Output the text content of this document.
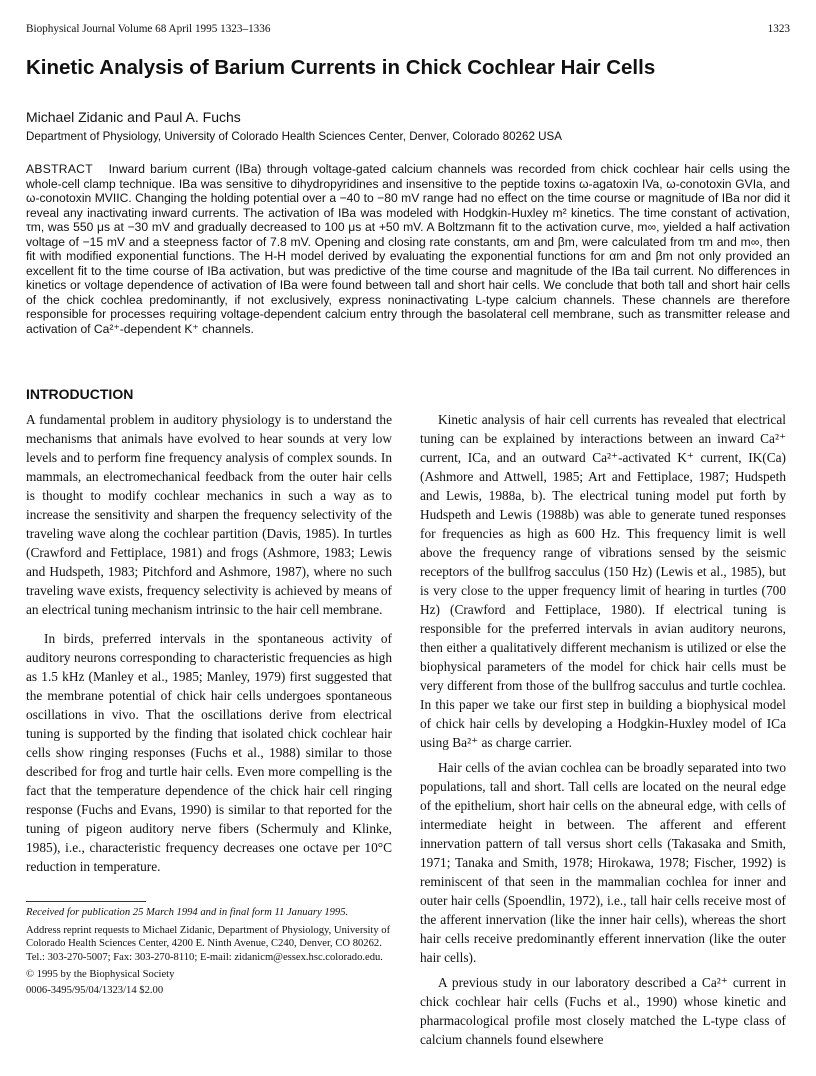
Biophysical Journal Volume 68 April 1995 1323–1336	1323
Kinetic Analysis of Barium Currents in Chick Cochlear Hair Cells
Michael Zidanic and Paul A. Fuchs
Department of Physiology, University of Colorado Health Sciences Center, Denver, Colorado 80262 USA

ABSTRACT Inward barium current (IBa) through voltage-gated calcium channels was recorded from chick cochlear hair cells using the whole-cell clamp technique. IBa was sensitive to dihydropyridines and insensitive to the peptide toxins ω-agatoxin IVa, ω-conotoxin GVIa, and ω-conotoxin MVIIC. Changing the holding potential over a −40 to −80 mV range had no effect on the time course or magnitude of IBa nor did it reveal any inactivating inward currents. The activation of IBa was modeled with Hodgkin-Huxley m² kinetics. The time constant of activation, τm, was 550 μs at −30 mV and gradually decreased to 100 μs at +50 mV. A Boltzmann fit to the activation curve, m∞, yielded a half activation voltage of −15 mV and a steepness factor of 7.8 mV. Opening and closing rate constants, αm and βm, were calculated from τm and m∞, then fit with modified exponential functions. The H-H model derived by evaluating the exponential functions for αm and βm not only provided an excellent fit to the time course of IBa activation, but was predictive of the time course and magnitude of the IBa tail current. No differences in kinetics or voltage dependence of activation of IBa were found between tall and short hair cells. We conclude that both tall and short hair cells of the chick cochlea predominantly, if not exclusively, express noninactivating L-type calcium channels. These channels are therefore responsible for processes requiring voltage-dependent calcium entry through the basolateral cell membrane, such as transmitter release and activation of Ca²⁺-dependent K⁺ channels.

INTRODUCTION

A fundamental problem in auditory physiology is to understand the mechanisms that animals have evolved to hear sounds at very low levels and to perform fine frequency analysis of complex sounds. In mammals, an electromechanical feedback from the outer hair cells is thought to modify cochlear mechanics in such a way as to increase the sensitivity and sharpen the frequency selectivity of the traveling wave along the cochlear partition (Davis, 1985). In turtles (Crawford and Fettiplace, 1981) and frogs (Ashmore, 1983; Lewis and Hudspeth, 1983; Pitchford and Ashmore, 1987), where no such traveling wave exists, frequency selectivity is achieved by means of an electrical tuning mechanism intrinsic to the hair cell membrane.

In birds, preferred intervals in the spontaneous activity of auditory neurons corresponding to characteristic frequencies as high as 1.5 kHz (Manley et al., 1985; Manley, 1979) first suggested that the membrane potential of chick hair cells undergoes spontaneous oscillations in vivo. That the oscillations derive from electrical tuning is supported by the finding that isolated chick cochlear hair cells show ringing responses (Fuchs et al., 1988) similar to those described for frog and turtle hair cells. Even more compelling is the fact that the temperature dependence of the chick hair cell ringing response (Fuchs and Evans, 1990) is similar to that reported for the tuning of pigeon auditory nerve fibers (Schermuly and Klinke, 1985), i.e., characteristic frequency decreases one octave per 10°C reduction in temperature.

Kinetic analysis of hair cell currents has revealed that electrical tuning can be explained by interactions between an inward Ca²⁺ current, ICa, and an outward Ca²⁺-activated K⁺ current, IK(Ca) (Ashmore and Attwell, 1985; Art and Fettiplace, 1987; Hudspeth and Lewis, 1988a, b). The electrical tuning model put forth by Hudspeth and Lewis (1988b) was able to generate tuned responses for frequencies as high as 600 Hz. This frequency limit is well above the frequency range of vibrations sensed by the seismic receptors of the bullfrog sacculus (150 Hz) (Lewis et al., 1985), but is very close to the upper frequency limit of hearing in turtles (700 Hz) (Crawford and Fettiplace, 1980). If electrical tuning is responsible for the preferred intervals in avian auditory neurons, then either a qualitatively different mechanism is utilized or else the biophysical parameters of the model for chick hair cells must be very different from those of the bullfrog sacculus and turtle cochlea. In this paper we take our first step in building a biophysical model of chick hair cells by developing a Hodgkin-Huxley model of ICa using Ba²⁺ as charge carrier.

Hair cells of the avian cochlea can be broadly separated into two populations, tall and short. Tall cells are located on the neural edge of the epithelium, short hair cells on the abneural edge, with cells of intermediate height in between. The afferent and efferent innervation pattern of tall versus short cells (Takasaka and Smith, 1971; Tanaka and Smith, 1978; Hirokawa, 1978; Fischer, 1992) is reminiscent of that seen in the mammalian cochlea for inner and outer hair cells (Spoendlin, 1972), i.e., tall hair cells receive most of the afferent innervation (like the inner hair cells), whereas the short hair cells receive predominantly efferent innervation (like the outer hair cells).

A previous study in our laboratory described a Ca²⁺ current in chick cochlear hair cells (Fuchs et al., 1990) whose kinetic and pharmacological profile most closely matched the L-type class of calcium channels found elsewhere

Received for publication 25 March 1994 and in final form 11 January 1995.

Address reprint requests to Michael Zidanic, Department of Physiology, University of Colorado Health Sciences Center, 4200 E. Ninth Avenue, C240, Denver, CO 80262. Tel.: 303-270-5007; Fax: 303-270-8110; E-mail: zidanicm@essex.hsc.colorado.edu.

© 1995 by the Biophysical Society

0006-3495/95/04/1323/14 $2.00
